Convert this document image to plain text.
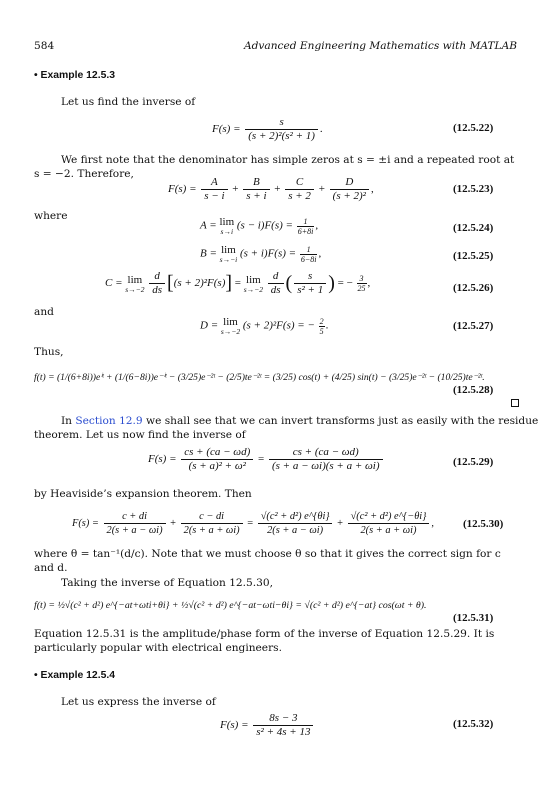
584	Advanced Engineering Mathematics with MATLAB
• Example 12.5.3
Let us find the inverse of
$F(s) = \frac{s}{\text{(s + 2)²(s² + 1)}}$ .	(12.5.22)
We first note that the denominator has simple zeros at s = ±i and a repeated root at
s = −2. Therefore,
$F(s) = \frac{A}{s - i} + \frac{B}{s + i} + \frac{C}{s + 2} + \frac{D}{\text{(s + 2)²}}$ ,	(12.5.23)
where
A = lim
s→i $(s - i)F(s) = \frac{1}{6+8i}$ ,	(12.5.24)
B = lim
s→−i $(s + i)F(s) = \frac{1}{6-8i}$ ,	(12.5.25)
C = lim
s→−2
$\frac{d}{ds} [(s + 2)^2F(s)] = \lim$
s→−2
$\frac{d}{ds}$ ( $\frac{s}{\text{s² + 1}}$ ) = − $\frac{3}{25}$ ,	(12.5.26)
and
D = lim
s→−2 (s + 2)²F(s) = − $\frac{2}{5}$ .	(12.5.27)
Thus,
f(t) = (1/(6+8i))eⁱᵗ + (1/(6−8i))e⁻ⁱᵗ − (3/25)e⁻²ᵗ − (2/5)te⁻²ᵗ = (3/25) cos(t) + (4/25) sin(t) − (3/25)e⁻²ᵗ − (10/25)te⁻²ᵗ.
(12.5.28)
In Section 12.9 we shall see that we can invert transforms just as easily with the residue
theorem. Let us now find the inverse of
$F(s) = \frac{cs + (ca - \omega d)}{\text{(s + a)² + ω²}} = \frac{cs + (ca - \omega d)}{(s + a - \omega i)(s + a + \omega i)}$	(12.5.29)
by Heaviside’s expansion theorem. Then
$F(s) = \frac{c + di}{2(s + a - \omega i)} + \frac{c - di}{2(s + a + \omega i)} = \frac{\text{√(c² + d²) e\textasciicircum{}\{θi\}}}{2(s + a - \omega i)} + \frac{\text{√(c² + d²) e\textasciicircum{}\{−θi\}}}{2(s + a + \omega i)}$ ,	(12.5.30)
where θ = tan⁻¹(d/c). Note that we must choose θ so that it gives the correct sign for c
and d.
Taking the inverse of Equation 12.5.30,
f(t) = ½√(c² + d²) e^{−at+ωti+θi} + ½√(c² + d²) e^{−at−ωti−θi} = √(c² + d²) e^{−at} cos(ωt + θ).
(12.5.31)
Equation 12.5.31 is the amplitude/phase form of the inverse of Equation 12.5.29. It is
particularly popular with electrical engineers.
• Example 12.5.4
Let us express the inverse of
$F(s) = \frac{8s - 3}{\text{s² + 4s + 13}}$	(12.5.32)
